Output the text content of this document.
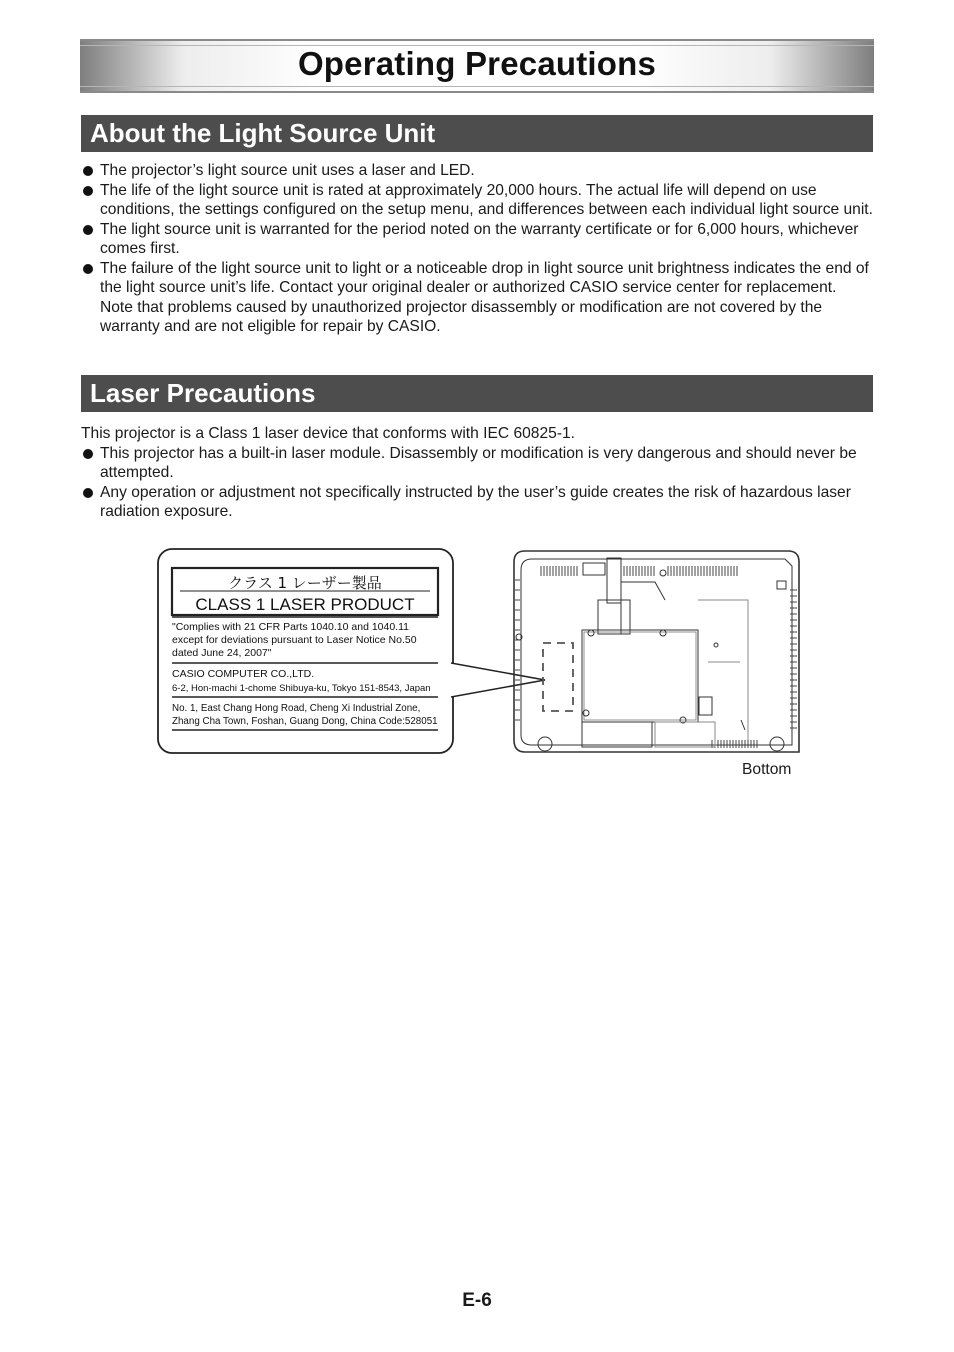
Operating Precautions
About the Light Source Unit
The projector’s light source unit uses a laser and LED.
The life of the light source unit is rated at approximately 20,000 hours. The actual life will depend on use conditions, the settings configured on the setup menu, and differences between each individual light source unit.
The light source unit is warranted for the period noted on the warranty certificate or for 6,000 hours, whichever comes first.
The failure of the light source unit to light or a noticeable drop in light source unit brightness indicates the end of the light source unit’s life. Contact your original dealer or authorized CASIO service center for replacement. Note that problems caused by unauthorized projector disassembly or modification are not covered by the warranty and are not eligible for repair by CASIO.
Laser Precautions

This projector is a Class 1 laser device that conforms with IEC 60825-1.

This projector has a built-in laser module. Disassembly or modification is very dangerous and should never be attempted.
Any operation or adjustment not specifically instructed by the user’s guide creates the risk of hazardous laser radiation exposure.
クラス 1 レーザー製品
CLASS 1 LASER PRODUCT
"Complies with 21 CFR Parts 1040.10 and 1040.11
except for deviations pursuant to Laser Notice No.50
dated June 24, 2007"
CASIO COMPUTER CO.,LTD.
6-2, Hon-machi 1-chome Shibuya-ku, Tokyo 151-8543, Japan
No. 1, East Chang Hong Road, Cheng Xi Industrial Zone,
Zhang Cha Town, Foshan, Guang Dong, China Code:528051
Bottom
E-6
